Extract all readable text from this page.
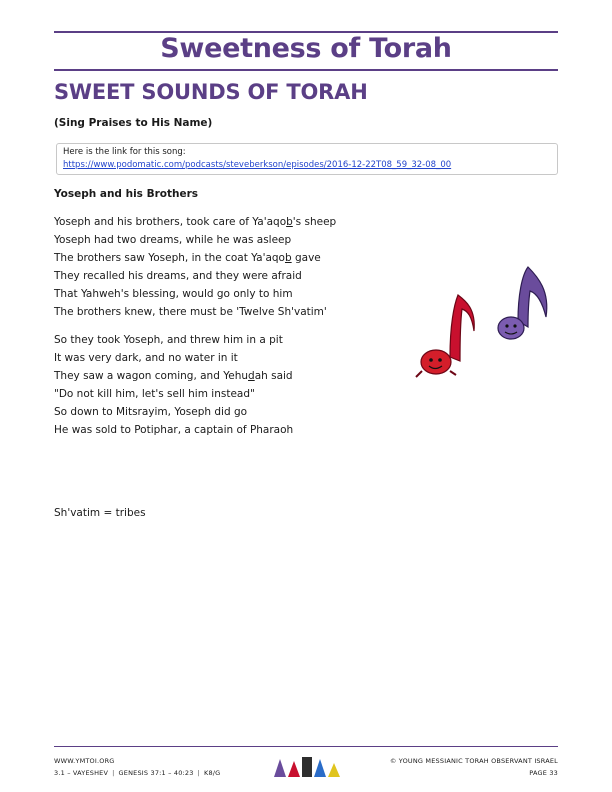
Sweetness of Torah
SWEET SOUNDS OF TORAH
(Sing Praises to His Name)
Here is the link for this song:
https://www.podomatic.com/podcasts/steveberkson/episodes/2016-12-22T08_59_32-08_00
Yoseph and his Brothers
Yoseph and his brothers, took care of Ya'aqob's sheep
Yoseph had two dreams, while he was asleep
The brothers saw Yoseph, in the coat Ya'aqob gave
They recalled his dreams, and they were afraid
That Yahweh's blessing, would go only to him
The brothers knew, there must be 'Twelve Sh'vatim'
So they took Yoseph, and threw him in a pit
It was very dark, and no water in it
They saw a wagon coming, and Yehudah said
"Do not kill him, let's sell him instead"
So down to Mitsrayim, Yoseph did go
He was sold to Potiphar, a captain of Pharaoh
Sh'vatim = tribes
WWW.YMTOI.ORG
3.1 – VAYESHEV | GENESIS 37:1 – 40:23 | K8/G
© YOUNG MESSIANIC TORAH OBSERVANT ISRAEL
PAGE 33
